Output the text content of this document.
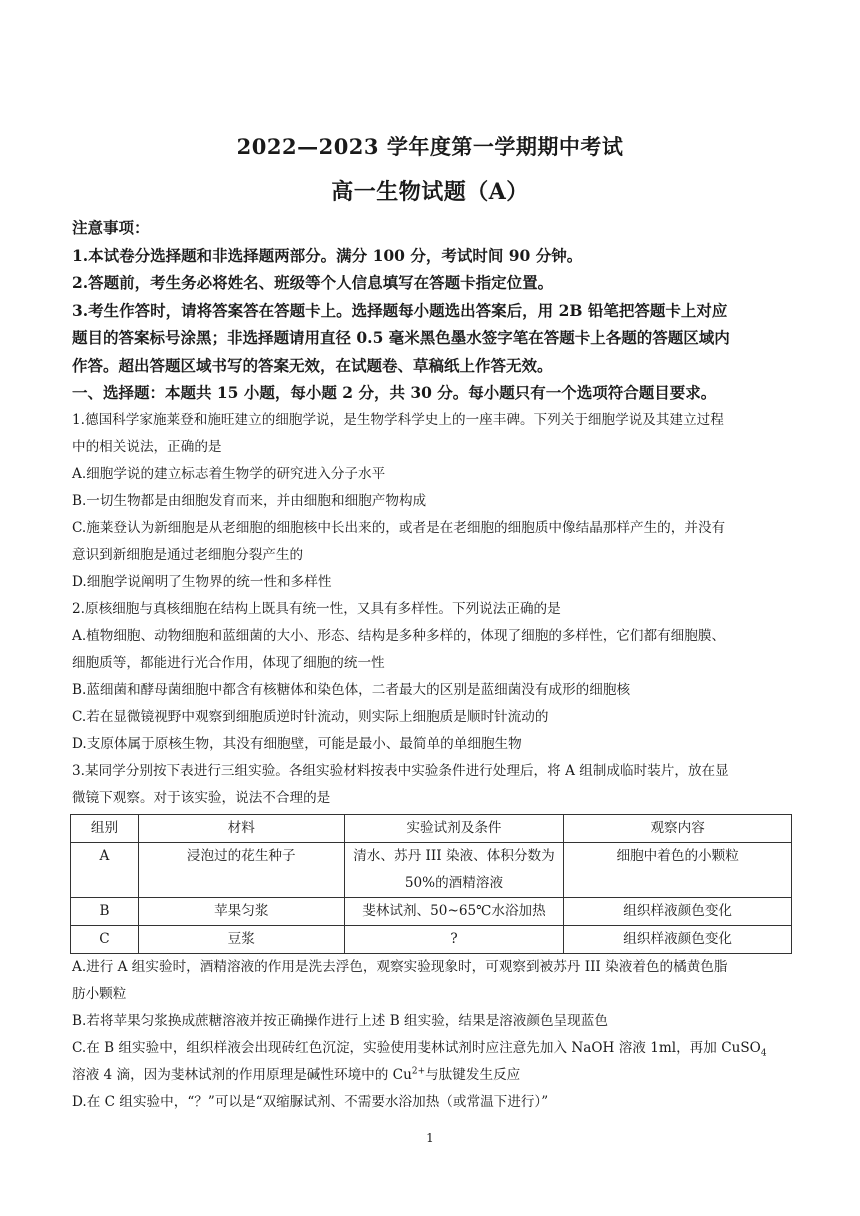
2022—2023 学年度第一学期期中考试
高一生物试题（A）
注意事项：
1.本试卷分选择题和非选择题两部分。满分 100 分，考试时间 90 分钟。
2.答题前，考生务必将姓名、班级等个人信息填写在答题卡指定位置。
3.考生作答时，请将答案答在答题卡上。选择题每小题选出答案后，用 2B 铅笔把答题卡上对应
题目的答案标号涂黑；非选择题请用直径 0.5 毫米黑色墨水签字笔在答题卡上各题的答题区域内
作答。超出答题区域书写的答案无效，在试题卷、草稿纸上作答无效。
一、选择题：本题共 15 小题，每小题 2 分，共 30 分。每小题只有一个选项符合题目要求。
1.德国科学家施莱登和施旺建立的细胞学说，是生物学科学史上的一座丰碑。下列关于细胞学说及其建立过程
中的相关说法，正确的是
A.细胞学说的建立标志着生物学的研究进入分子水平
B.一切生物都是由细胞发育而来，并由细胞和细胞产物构成
C.施莱登认为新细胞是从老细胞的细胞核中长出来的，或者是在老细胞的细胞质中像结晶那样产生的，并没有
意识到新细胞是通过老细胞分裂产生的
D.细胞学说阐明了生物界的统一性和多样性
2.原核细胞与真核细胞在结构上既具有统一性，又具有多样性。下列说法正确的是
A.植物细胞、动物细胞和蓝细菌的大小、形态、结构是多种多样的，体现了细胞的多样性，它们都有细胞膜、
细胞质等，都能进行光合作用，体现了细胞的统一性
B.蓝细菌和酵母菌细胞中都含有核糖体和染色体，二者最大的区别是蓝细菌没有成形的细胞核
C.若在显微镜视野中观察到细胞质逆时针流动，则实际上细胞质是顺时针流动的
D.支原体属于原核生物，其没有细胞壁，可能是最小、最简单的单细胞生物
3.某同学分别按下表进行三组实验。各组实验材料按表中实验条件进行处理后，将 A 组制成临时装片，放在显
微镜下观察。对于该实验，说法不合理的是
组别	材料	实验试剂及条件	观察内容
A	浸泡过的花生种子	清水、苏丹 III 染液、体积分数为 50%的酒精溶液	细胞中着色的小颗粒
B	苹果匀浆	斐林试剂、50~65℃水浴加热	组织样液颜色变化
C	豆浆	?	组织样液颜色变化
A.进行 A 组实验时，酒精溶液的作用是洗去浮色，观察实验现象时，可观察到被苏丹 III 染液着色的橘黄色脂
肪小颗粒
B.若将苹果匀浆换成蔗糖溶液并按正确操作进行上述 B 组实验，结果是溶液颜色呈现蓝色
C.在 B 组实验中，组织样液会出现砖红色沉淀，实验使用斐林试剂时应注意先加入 NaOH 溶液 1ml，再加 CuSO$_4$
溶液 4 滴，因为斐林试剂的作用原理是碱性环境中的 $Cu^{2+}$与肽键发生反应
D.在 C 组实验中，“？”可以是“双缩脲试剂、不需要水浴加热（或常温下进行）”
1
